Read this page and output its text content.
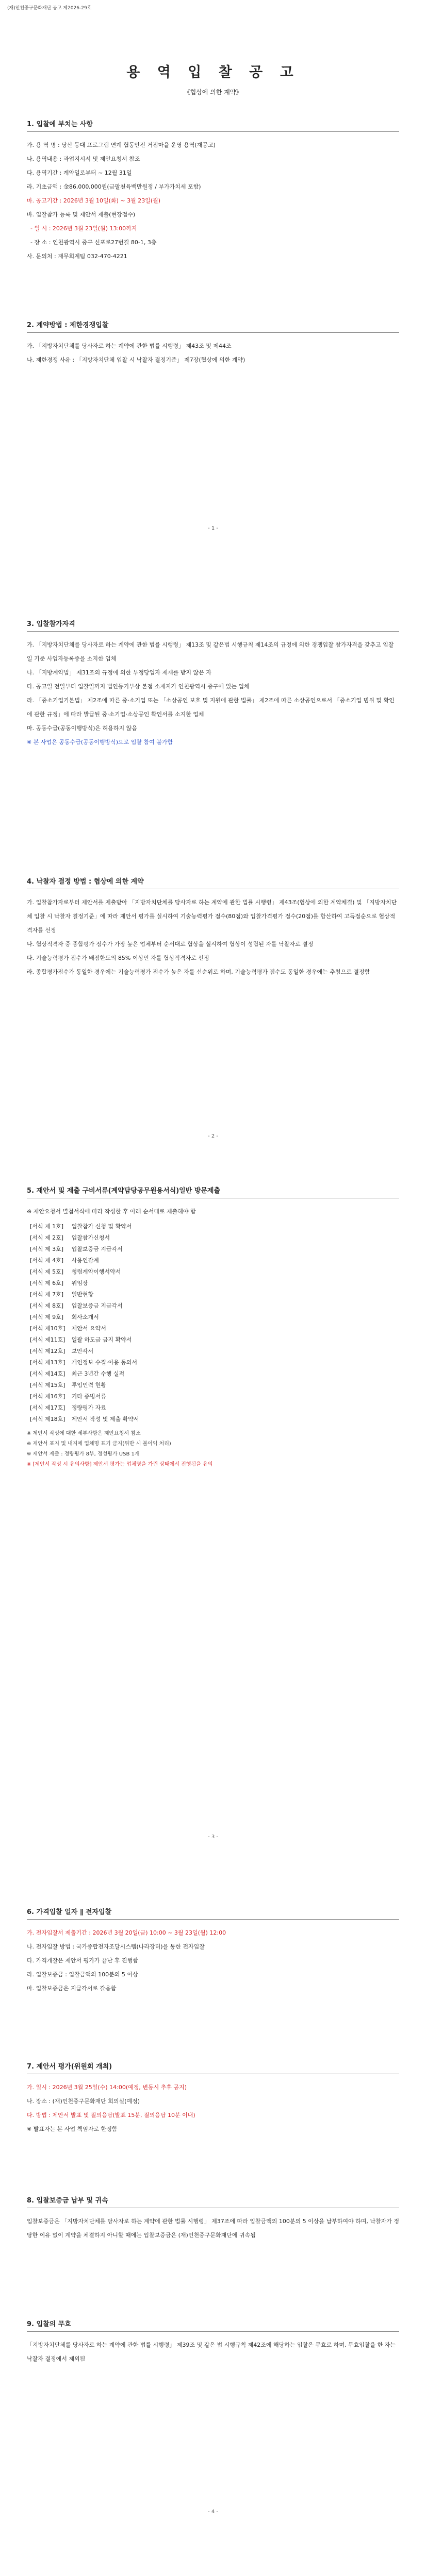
(재)인천중구문화재단 공고 제2026-29호
용 역 입 찰 공 고
《협상에 의한 계약》
1. 입찰에 부치는 사항
가. 용 역 명 : 당산 등대 프로그램 연계 협동안전 거점마을 운영 용역(재공고)
나. 용역내용 : 과업지시서 및 제안요청서 참조
다. 용역기간 : 계약일로부터 ~ 12월 31일
라. 기초금액 : 金86,000,000원(금팔천육백만원정 / 부가가치세 포함)
마. 공고기간 : 2026년 3월 10일(화) ~ 3월 23일(월)
바. 입찰참가 등록 및 제안서 제출(현장접수)
- 일 시 : 2026년 3월 23일(월) 13:00까지
- 장 소 : 인천광역시 중구 신포로27번길 80-1, 3층
사. 문의처 : 재무회계팀 032-470-4221
2. 계약방법 : 제한경쟁입찰
가. 「지방자치단체를 당사자로 하는 계약에 관한 법률 시행령」 제43조 및 제44조
나. 제한경쟁 사유 : 「지방자치단체 입찰 시 낙찰자 결정기준」 제7장(협상에 의한 계약)
- 1 -
3. 입찰참가자격
가. 「지방자치단체를 당사자로 하는 계약에 관한 법률 시행령」 제13조 및 같은법 시행규칙 제14조의 규정에 의한 경쟁입찰 참가자격을 갖추고 입찰일 기준 사업자등록증을 소지한 업체
나. 「지방계약법」 제31조의 규정에 의한 부정당업자 제재를 받지 않은 자
다. 공고일 전일부터 입찰일까지 법인등기부상 본점 소재지가 인천광역시 중구에 있는 업체
라. 「중소기업기본법」 제2조에 따른 중·소기업 또는 「소상공인 보호 및 지원에 관한 법률」 제2조에 따른 소상공인으로서 「중소기업 범위 및 확인에 관한 규정」에 따라 발급된 중·소기업·소상공인 확인서를 소지한 업체
마. 공동수급(공동이행방식)은 허용하지 않음
※ 본 사업은 공동수급(공동이행방식)으로 입찰 참여 불가함
4. 낙찰자 결정 방법 : 협상에 의한 계약
가. 입찰참가자로부터 제안서를 제출받아 「지방자치단체를 당사자로 하는 계약에 관한 법률 시행령」 제43조(협상에 의한 계약체결) 및 「지방자치단체 입찰 시 낙찰자 결정기준」에 따라 제안서 평가를 실시하여 기술능력평가 점수(80점)와 입찰가격평가 점수(20점)를 합산하여 고득점순으로 협상적격자를 선정
나. 협상적격자 중 종합평가 점수가 가장 높은 업체부터 순서대로 협상을 실시하여 협상이 성립된 자를 낙찰자로 결정
다. 기술능력평가 점수가 배점한도의 85% 이상인 자를 협상적격자로 선정
라. 종합평가점수가 동일한 경우에는 기술능력평가 점수가 높은 자를 선순위로 하며, 기술능력평가 점수도 동일한 경우에는 추첨으로 결정함
- 2 -
5. 재안서 및 제출 구비서류(계약담당공무원용서식)일반 방문제출
※ 제안요청서 별첨서식에 따라 작성한 후 아래 순서대로 제출해야 함
[서식 제 1호]	입찰참가 신청 및 확약서
[서식 제 2호]	입찰참가신청서
[서식 제 3호]	입찰보증금 지급각서
[서식 제 4호]	사용인감계
[서식 제 5호]	청렴계약이행서약서
[서식 제 6호]	위임장
[서식 제 7호]	일반현황
[서식 제 8호]	입찰보증금 지급각서
[서식 제 9호]	회사소개서
[서식 제10호]	제안서 요약서
[서식 제11호]	일괄 하도급 금지 확약서
[서식 제12호]	보안각서
[서식 제13호]	개인정보 수집·이용 동의서
[서식 제14호]	최근 3년간 수행 실적
[서식 제15호]	투입인력 현황
[서식 제16호]	기타 증빙서류
[서식 제17호]	정량평가 자료
[서식 제18호]	제안서 작성 및 제출 확약서
※ 제안서 작성에 대한 세부사항은 제안요청서 참조
※ 제안서 표지 및 내지에 업체명 표기 금지(위반 시 불이익 처리)
※ 제안서 제출 : 정량평가 8부, 정성평가 USB 1개
※ [제안서 작성 시 유의사항] 제안서 평가는 업체명을 가린 상태에서 진행됨을 유의
- 3 -
6. 가격입찰 일자 ∥ 전자입찰
가. 전자입찰서 제출기간 : 2026년 3월 20일(금) 10:00 ~ 3월 23일(월) 12:00
나. 전자입찰 방법 : 국가종합전자조달시스템(나라장터)을 통한 전자입찰
다. 가격개찰은 제안서 평가가 끝난 후 진행함
라. 입찰보증금 : 입찰금액의 100분의 5 이상
마. 입찰보증금은 지급각서로 갈음함
7. 제안서 평가(위원회 개최)
가. 일시 : 2026년 3월 25일(수) 14:00(예정, 변동시 추후 공지)
나. 장소 : (재)인천중구문화재단 회의실(예정)
다. 방법 : 제안서 발표 및 질의응답(발표 15분, 질의응답 10분 이내)
※ 발표자는 본 사업 책임자로 한정함
8. 입찰보증금 납부 및 귀속
입찰보증금은 「지방자치단체를 당사자로 하는 계약에 관한 법률 시행령」 제37조에 따라 입찰금액의 100분의 5 이상을 납부하여야 하며, 낙찰자가 정당한 이유 없이 계약을 체결하지 아니할 때에는 입찰보증금은 (재)인천중구문화재단에 귀속됨
9. 입찰의 무효
「지방자치단체를 당사자로 하는 계약에 관한 법률 시행령」 제39조 및 같은 법 시행규칙 제42조에 해당하는 입찰은 무효로 하며, 무효입찰을 한 자는 낙찰자 결정에서 제외됨
- 4 -
